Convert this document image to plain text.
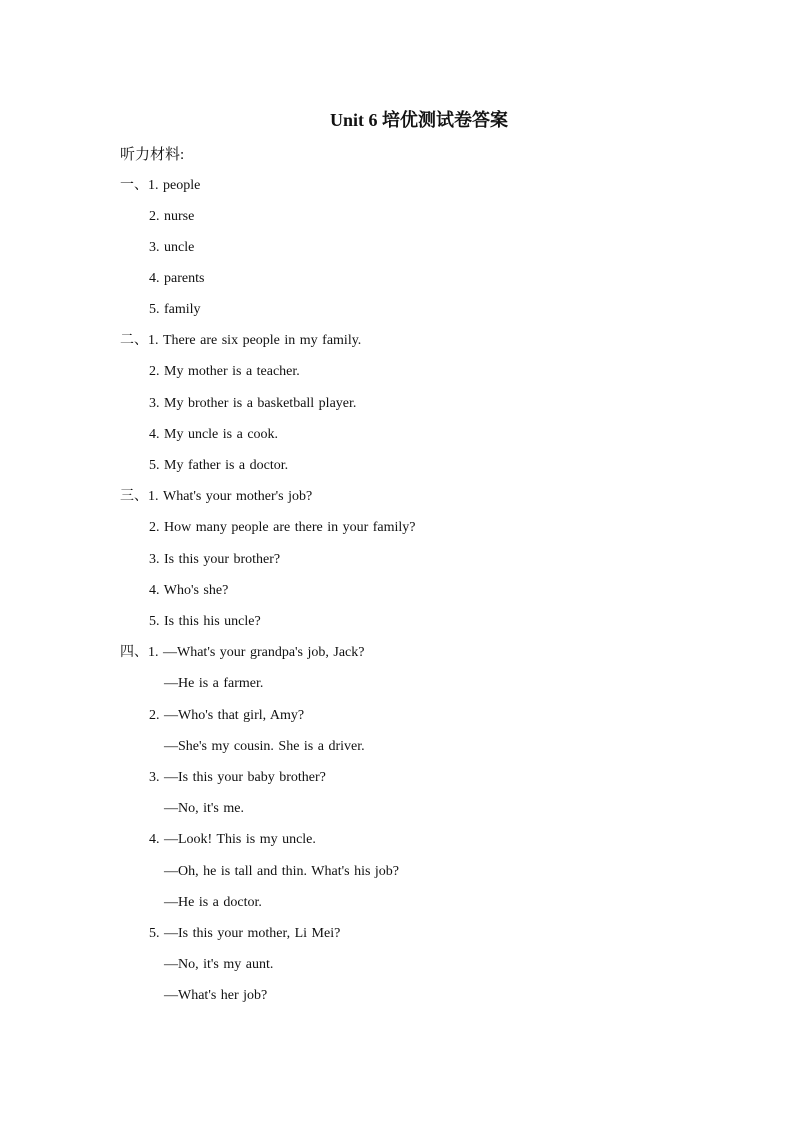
Unit 6 培优测试卷答案
听力材料:
一、1. people
2. nurse
3. uncle
4. parents
5. family
二、1. There are six people in my family.
2. My mother is a teacher.
3. My brother is a basketball player.
4. My uncle is a cook.
5. My father is a doctor.
三、1. What's your mother's job?
2. How many people are there in your family?
3. Is this your brother?
4. Who's she?
5. Is this his uncle?
四、1. —What's your grandpa's job, Jack?
—He is a farmer.
2. —Who's that girl, Amy?
—She's my cousin. She is a driver.
3. —Is this your baby brother?
—No, it's me.
4. —Look! This is my uncle.
—Oh, he is tall and thin. What's his job?
—He is a doctor.
5. —Is this your mother, Li Mei?
—No, it's my aunt.
—What's her job?
